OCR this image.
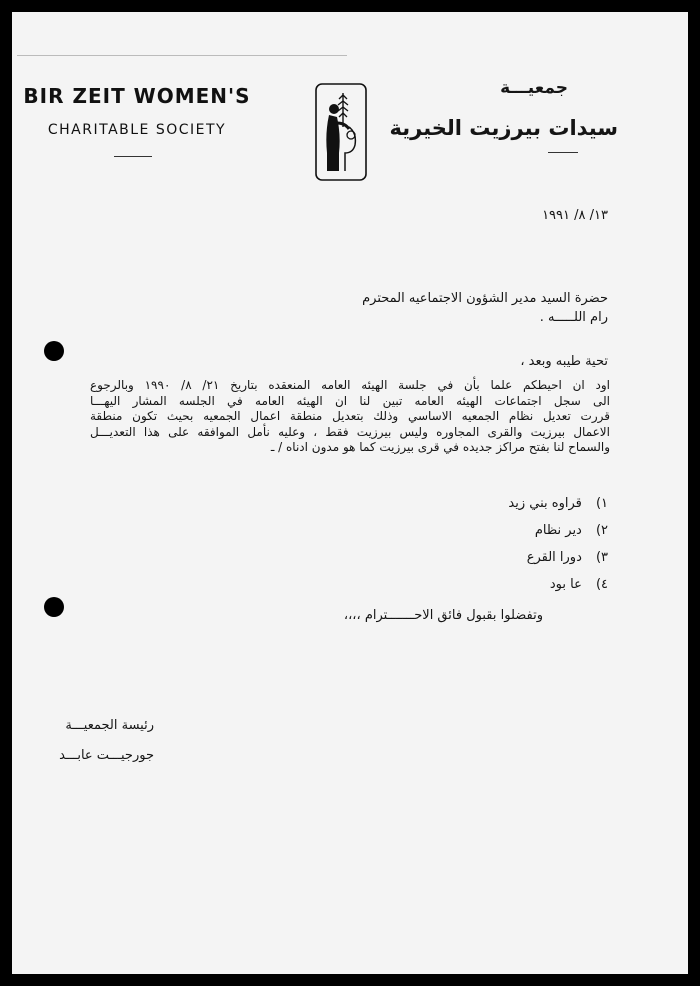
BIR ZEIT WOMEN'S
CHARITABLE SOCIETY
جمعيـــة
سيدات بيرزيت الخيرية
١٣/ ٨/ ١٩٩١
حضرة السيد مدير الشؤون الاجتماعيه المحترم
رام اللـــــه .
تحية طيبه وبعد ،
اود ان احيطكم علما بأن في جلسة الهيئه العامه المنعقده بتاريخ ٢١/ ٨/ ١٩٩٠ وبالرجوع
الى سجل اجتماعات الهيئه العامه تبين لنا ان الهيئه العامه في الجلسه المشار اليهـــا
قررت تعديل نظام الجمعيه الاساسي وذلك بتعديل منطقة اعمال الجمعيه بحيث تكون منطقة
الاعمال بيرزيت والقرى المجاوره وليس بيرزيت فقط ، وعليه نأمل الموافقه على هذا التعديـــل
والسماح لنا بفتح مراكز جديده في قرى بيرزيت كما هو مدون ادناه / ـ
١) قراوه بني زيد
٢) دير نظام
٣) دورا القرع
٤) عا بود
وتفضلوا بقبول فائق الاحـــــــترام ،،،،
رئيسة الجمعيـــة
جورجيـــت عابـــد
